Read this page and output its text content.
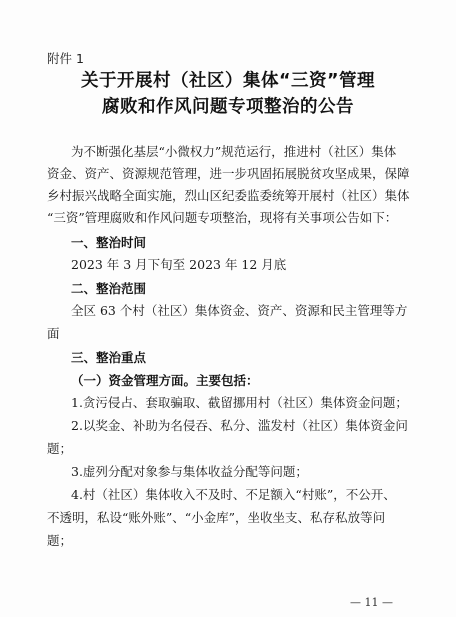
附件 1
关于开展村（社区）集体“三资”管理
腐败和作风问题专项整治的公告
为不断强化基层“小微权力”规范运行，推进村（社区）集体
资金、资产、资源规范管理，进一步巩固拓展脱贫攻坚成果，保障
乡村振兴战略全面实施，烈山区纪委监委统筹开展村（社区）集体
“三资”管理腐败和作风问题专项整治，现将有关事项公告如下：
一、整治时间
2023 年 3 月下旬至 2023 年 12 月底
二、整治范围
全区 63 个村（社区）集体资金、资产、资源和民主管理等方
面
三、整治重点
（一）资金管理方面。主要包括：
1.贪污侵占、套取骗取、截留挪用村（社区）集体资金问题；
2.以奖金、补助为名侵吞、私分、滥发村（社区）集体资金问
题；
3.虚列分配对象参与集体收益分配等问题；
4.村（社区）集体收入不及时、不足额入“村账”，不公开、
不透明，私设“账外账”、“小金库”，坐收坐支、私存私放等问
题；
— 11 —
